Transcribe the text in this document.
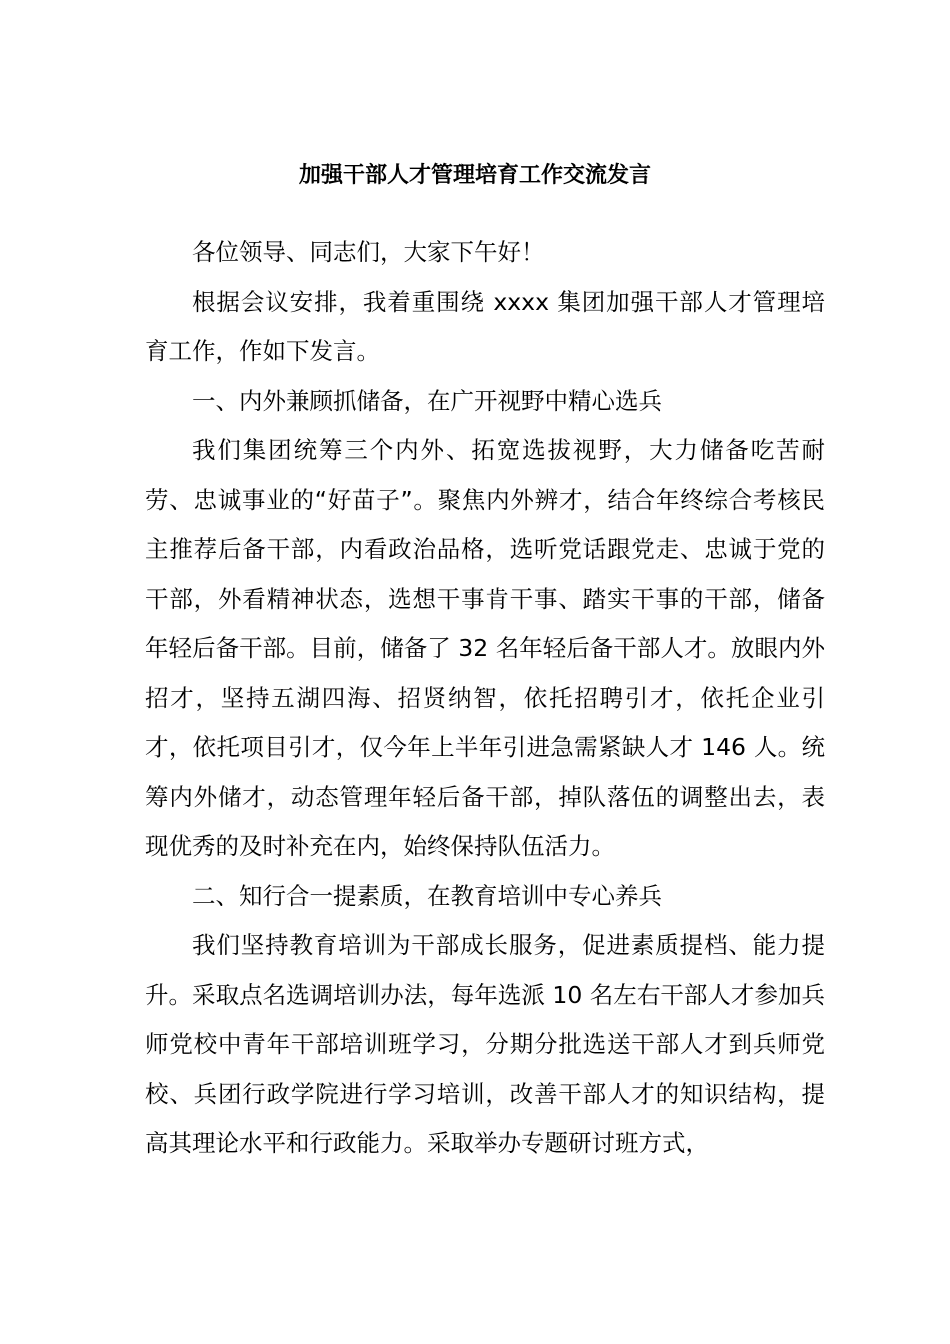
加强干部人才管理培育工作交流发言

各位领导、同志们，大家下午好！

根据会议安排，我着重围绕 xxxx 集团加强干部人才管理培育工作，作如下发言。

一、内外兼顾抓储备，在广开视野中精心选兵

我们集团统筹三个内外、拓宽选拔视野，大力储备吃苦耐劳、忠诚事业的“好苗子”。聚焦内外辨才，结合年终综合考核民主推荐后备干部，内看政治品格，选听党话跟党走、忠诚于党的干部，外看精神状态，选想干事肯干事、踏实干事的干部，储备年轻后备干部。目前，储备了 32 名年轻后备干部人才。放眼内外招才，坚持五湖四海、招贤纳智，依托招聘引才，依托企业引才，依托项目引才，仅今年上半年引进急需紧缺人才 146 人。统筹内外储才，动态管理年轻后备干部，掉队落伍的调整出去，表现优秀的及时补充在内，始终保持队伍活力。

二、知行合一提素质，在教育培训中专心养兵

我们坚持教育培训为干部成长服务，促进素质提档、能力提升。采取点名选调培训办法，每年选派 10 名左右干部人才参加兵师党校中青年干部培训班学习，分期分批选送干部人才到兵师党校、兵团行政学院进行学习培训，改善干部人才的知识结构，提高其理论水平和行政能力。采取举办专题研讨班方式，
